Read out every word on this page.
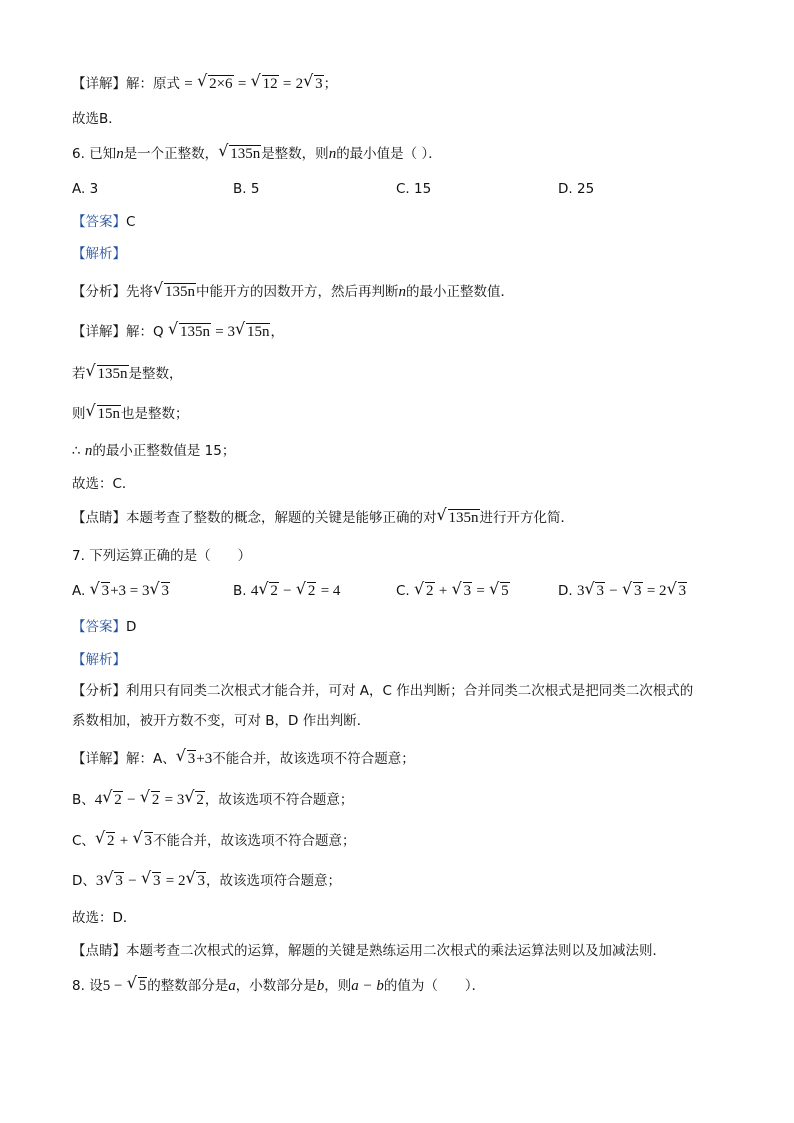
【详解】解：原式 = √ 2×6 = √ 12 = 2 √ 3；
故选B．
6. 已知n是一个正整数， √ 135n是整数，则n的最小值是（ ）．
A. 3	B. 5	C. 15	D. 25
【答案】C
【解析】
【分析】先将 √ 135n中能开方的因数开方，然后再判断n的最小正整数值．
【详解】解：Q √ 135n = 3 √ 15n，
若 √ 135n是整数，
则 √ 15n也是整数；
∴ n的最小正整数值是 15；
故选：C．
【点睛】本题考查了整数的概念，解题的关键是能够正确的对 √ 135n进行开方化简．
7. 下列运算正确的是（　　）
A. √ 3+3 = 3 √ 3	B. 4 √ 2 − √ 2 = 4	C. √ 2 + √ 3 = √ 5	D. 3 √ 3 − √ 3 = 2 √ 3
【答案】D
【解析】
【分析】利用只有同类二次根式才能合并，可对 A，C 作出判断；合并同类二次根式是把同类二次根式的
系数相加，被开方数不变，可对 B，D 作出判断．
【详解】解：A、 √ 3+3不能合并，故该选项不符合题意；
B、4 √ 2 − √ 2 = 3 √ 2，故该选项不符合题意；
C、 √ 2 + √ 3不能合并，故该选项不符合题意；
D、3 √ 3 − √ 3 = 2 √ 3，故该选项符合题意；
故选：D．
【点睛】本题考查二次根式的运算，解题的关键是熟练运用二次根式的乘法运算法则以及加减法则．
8. 设5 − √ 5的整数部分是a，小数部分是b，则a − b的值为（　　）．
